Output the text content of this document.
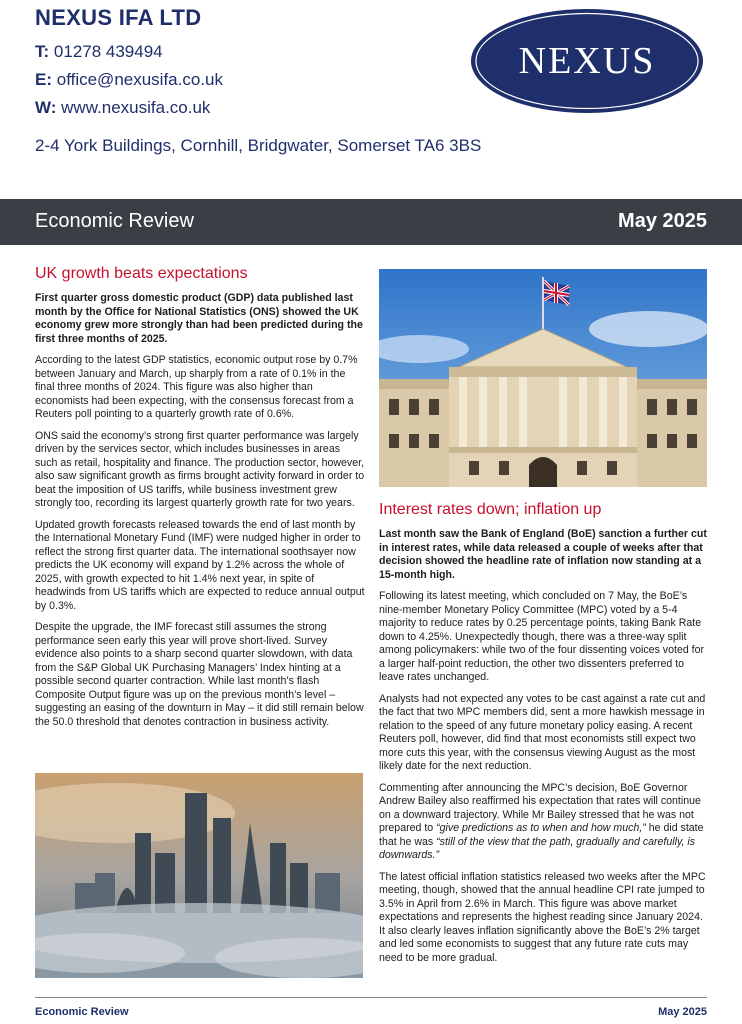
NEXUS IFA LTD
T: 01278 439494
E: office@nexusifa.co.uk
W: www.nexusifa.co.uk
2-4 York Buildings, Cornhill, Bridgwater, Somerset TA6 3BS
NEXUS
Economic Review	May 2025
UK growth beats expectations

First quarter gross domestic product (GDP) data published last month by the Office for National Statistics (ONS) showed the UK economy grew more strongly than had been predicted during the first three months of 2025.

According to the latest GDP statistics, economic output rose by 0.7% between January and March, up sharply from a rate of 0.1% in the final three months of 2024. This figure was also higher than economists had been expecting, with the consensus forecast from a Reuters poll pointing to a quarterly growth rate of 0.6%.

ONS said the economy’s strong first quarter performance was largely driven by the services sector, which includes businesses in areas such as retail, hospitality and finance. The production sector, however, also saw significant growth as firms brought activity forward in order to beat the imposition of US tariffs, while business investment grew strongly too, recording its largest quarterly growth rate for two years.

Updated growth forecasts released towards the end of last month by the International Monetary Fund (IMF) were nudged higher in order to reflect the strong first quarter data. The international soothsayer now predicts the UK economy will expand by 1.2% across the whole of 2025, with growth expected to hit 1.4% next year, in spite of headwinds from US tariffs which are expected to reduce annual output by 0.3%.

Despite the upgrade, the IMF forecast still assumes the strong performance seen early this year will prove short-lived. Survey evidence also points to a sharp second quarter slowdown, with data from the S&P Global UK Purchasing Managers’ Index hinting at a possible second quarter contraction. While last month’s flash Composite Output figure was up on the previous month’s level – suggesting an easing of the downturn in May – it did still remain below the 50.0 threshold that denotes contraction in business activity.

Interest rates down; inflation up

Last month saw the Bank of England (BoE) sanction a further cut in interest rates, while data released a couple of weeks after that decision showed the headline rate of inflation now standing at a 15-month high.

Following its latest meeting, which concluded on 7 May, the BoE’s nine-member Monetary Policy Committee (MPC) voted by a 5-4 majority to reduce rates by 0.25 percentage points, taking Bank Rate down to 4.25%. Unexpectedly though, there was a three-way split among policymakers: while two of the four dissenting voices voted for a larger half-point reduction, the other two dissenters preferred to leave rates unchanged.

Analysts had not expected any votes to be cast against a rate cut and the fact that two MPC members did, sent a more hawkish message in relation to the speed of any future monetary policy easing. A recent Reuters poll, however, did find that most economists still expect two more cuts this year, with the consensus viewing August as the most likely date for the next reduction.

Commenting after announcing the MPC’s decision, BoE Governor Andrew Bailey also reaffirmed his expectation that rates will continue on a downward trajectory. While Mr Bailey stressed that he was not prepared to “give predictions as to when and how much,” he did state that he was “still of the view that the path, gradually and carefully, is downwards.”

The latest official inflation statistics released two weeks after the MPC meeting, though, showed that the annual headline CPI rate jumped to 3.5% in April from 2.6% in March. This figure was above market expectations and represents the highest reading since January 2024. It also clearly leaves inflation significantly above the BoE’s 2% target and led some economists to suggest that any future rate cuts may need to be more gradual.

Economic Review	May 2025
